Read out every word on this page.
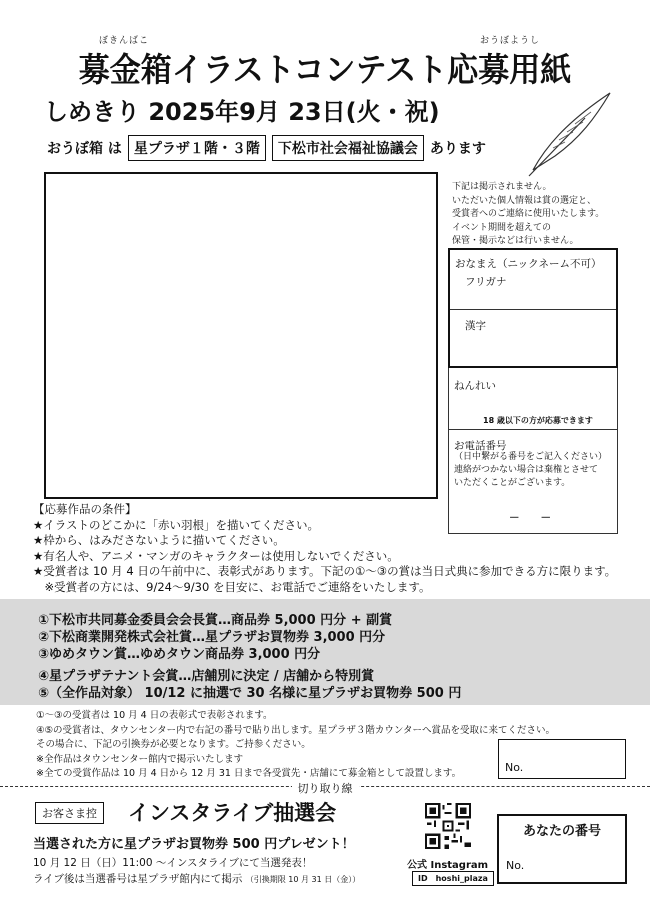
ぼきんばこ	おうぼようし
募金箱イラストコンテスト応募用紙
しめきり 2025年9月 23日(火・祝)
おうぼ箱 は 星プラザ１階・３階	下松市社会福祉協議会 あります
下記は掲示されません。
いただいた個人情報は賞の選定と、
受賞者へのご連絡に使用いたします。
イベント期間を超えての
保管・掲示などは行いません。
おなまえ（ニックネーム不可）
フリガナ
漢字
ねんれい
18 歳以下の方が応募できます
お電話番号
（日中繋がる番号をご記入ください）
連絡がつかない場合は棄権とさせて
いただくことがございます。
－　　－
【応募作品の条件】
★イラストのどこかに「赤い羽根」を描いてください。
★枠から、はみださないように描いてください。
★有名人や、アニメ・マンガのキャラクターは使用しないでください。
★受賞者は 10 月 4 日の午前中に、表彰式があります。下記の①～③の賞は当日式典に参加できる方に限ります。
　※受賞者の方には、9/24～9/30 を目安に、お電話でご連絡をいたします。
①下松市共同募金委員会会長賞…商品券 5,000 円分 + 副賞
②下松商業開発株式会社賞…星プラザお買物券 3,000 円分
③ゆめタウン賞…ゆめタウン商品券 3,000 円分
④星プラザテナント会賞…店舗別に決定 / 店舗から特別賞
⑤（全作品対象） 10/12 に抽選で 30 名様に星プラザお買物券 500 円
①～③の受賞者は 10 月 4 日の表彰式で表彰されます。
④⑤の受賞者は、タウンセンター内で右記の番号で貼り出します。星プラザ３階カウンターへ賞品を受取に来てください。
その場合に、下記の引換券が必要となります。ご持参ください。
※全作品はタウンセンター館内で掲示いたします
※全ての受賞作品は 10 月 4 日から 12 月 31 日まで各受賞先・店舗にて募金箱として設置します。	No.
切り取り線
お客さま控	インスタライブ抽選会
当選された方に星プラザお買物券 500 円プレゼント！
10 月 12 日（日）11:00 ～インスタライブにて当選発表！
ライブ後は当選番号は星プラザ館内にて掲示 （引換期限 10 月 31 日（金））
公式 Instagram
ID　hoshi_plaza
あなたの番号
No.
